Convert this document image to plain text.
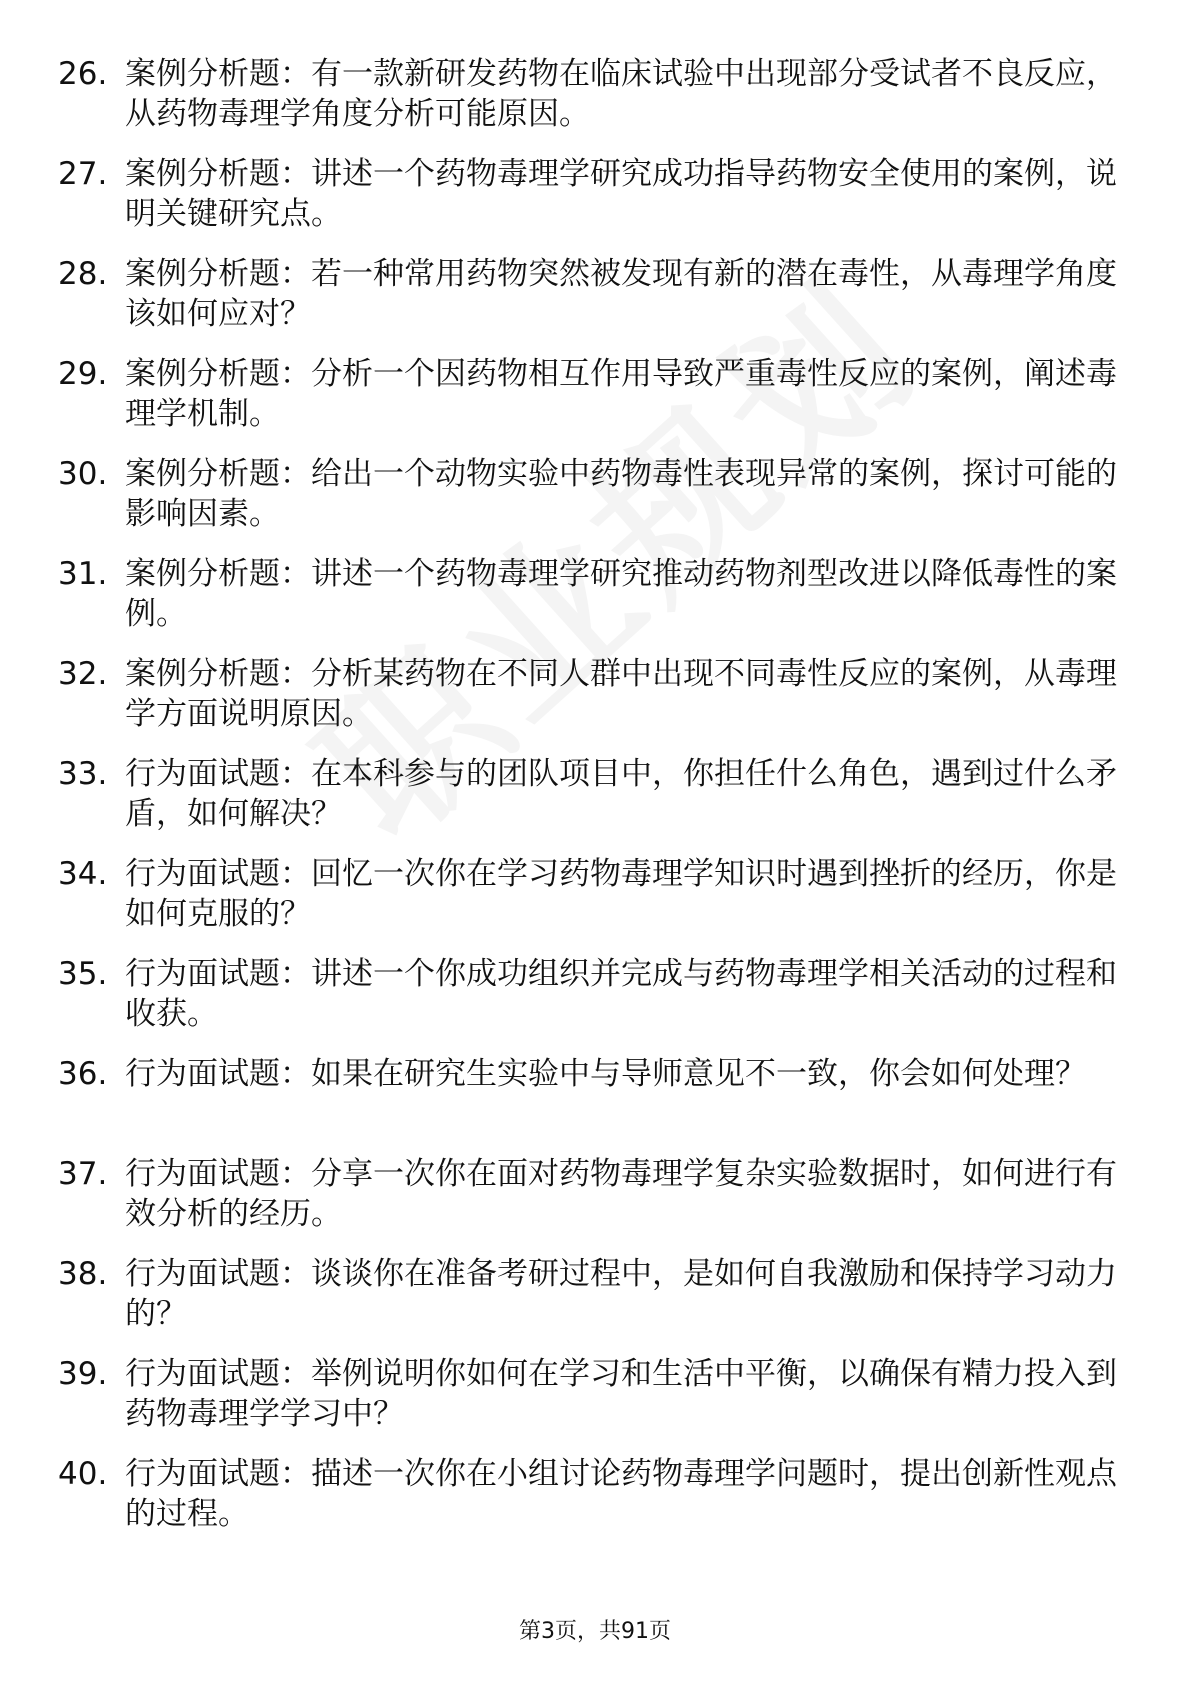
26. 案例分析题：有一款新研发药物在临床试验中出现部分受试者不良反应，从药物毒理学角度分析可能原因。
27. 案例分析题：讲述一个药物毒理学研究成功指导药物安全使用的案例，说明关键研究点。
28. 案例分析题：若一种常用药物突然被发现有新的潜在毒性，从毒理学角度该如何应对？
29. 案例分析题：分析一个因药物相互作用导致严重毒性反应的案例，阐述毒理学机制。
30. 案例分析题：给出一个动物实验中药物毒性表现异常的案例，探讨可能的影响因素。
31. 案例分析题：讲述一个药物毒理学研究推动药物剂型改进以降低毒性的案例。
32. 案例分析题：分析某药物在不同人群中出现不同毒性反应的案例，从毒理学方面说明原因。
33. 行为面试题：在本科参与的团队项目中，你担任什么角色，遇到过什么矛盾，如何解决？
34. 行为面试题：回忆一次你在学习药物毒理学知识时遇到挫折的经历，你是如何克服的？
35. 行为面试题：讲述一个你成功组织并完成与药物毒理学相关活动的过程和收获。
36. 行为面试题：如果在研究生实验中与导师意见不一致，你会如何处理？
37. 行为面试题：分享一次你在面对药物毒理学复杂实验数据时，如何进行有效分析的经历。
38. 行为面试题：谈谈你在准备考研过程中，是如何自我激励和保持学习动力的？
39. 行为面试题：举例说明你如何在学习和生活中平衡，以确保有精力投入到药物毒理学学习中？
40. 行为面试题：描述一次你在小组讨论药物毒理学问题时，提出创新性观点的过程。
第3页，共91页
